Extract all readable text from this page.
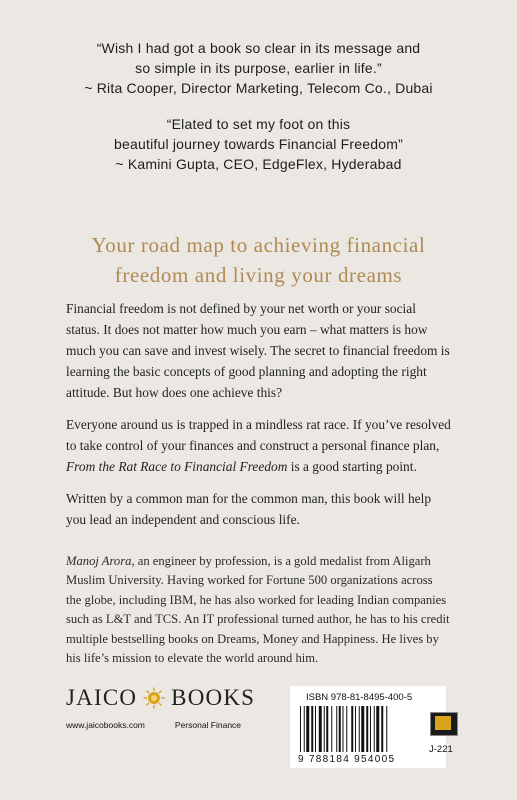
“Wish I had got a book so clear in its message and
so simple in its purpose, earlier in life.”
~ Rita Cooper, Director Marketing, Telecom Co., Dubai
“Elated to set my foot on this
beautiful journey towards Financial Freedom”
~ Kamini Gupta, CEO, EdgeFlex, Hyderabad
Your road map to achieving financial
freedom and living your dreams

Financial freedom is not defined by your net worth or your social
status. It does not matter how much you earn – what matters is how
much you can save and invest wisely. The secret to financial freedom is
learning the basic concepts of good planning and adopting the right
attitude. But how does one achieve this?

Everyone around us is trapped in a mindless rat race. If you’ve resolved
to take control of your finances and construct a personal finance plan,
From the Rat Race to Financial Freedom is a good starting point.

Written by a common man for the common man, this book will help
you lead an independent and conscious life.

Manoj Arora, an engineer by profession, is a gold medalist from Aligarh
Muslim University. Having worked for Fortune 500 organizations across
the globe, including IBM, he has also worked for leading Indian companies
such as L&T and TCS. An IT professional turned author, he has to his credit
multiple bestselling books on Dreams, Money and Happiness. He lives by
his life’s mission to elevate the world around him.
JAICO BOOKS
www.jaicobooks.com	Personal Finance
ISBN 978-81-8495-400-5
9 788184 954005
J-221
